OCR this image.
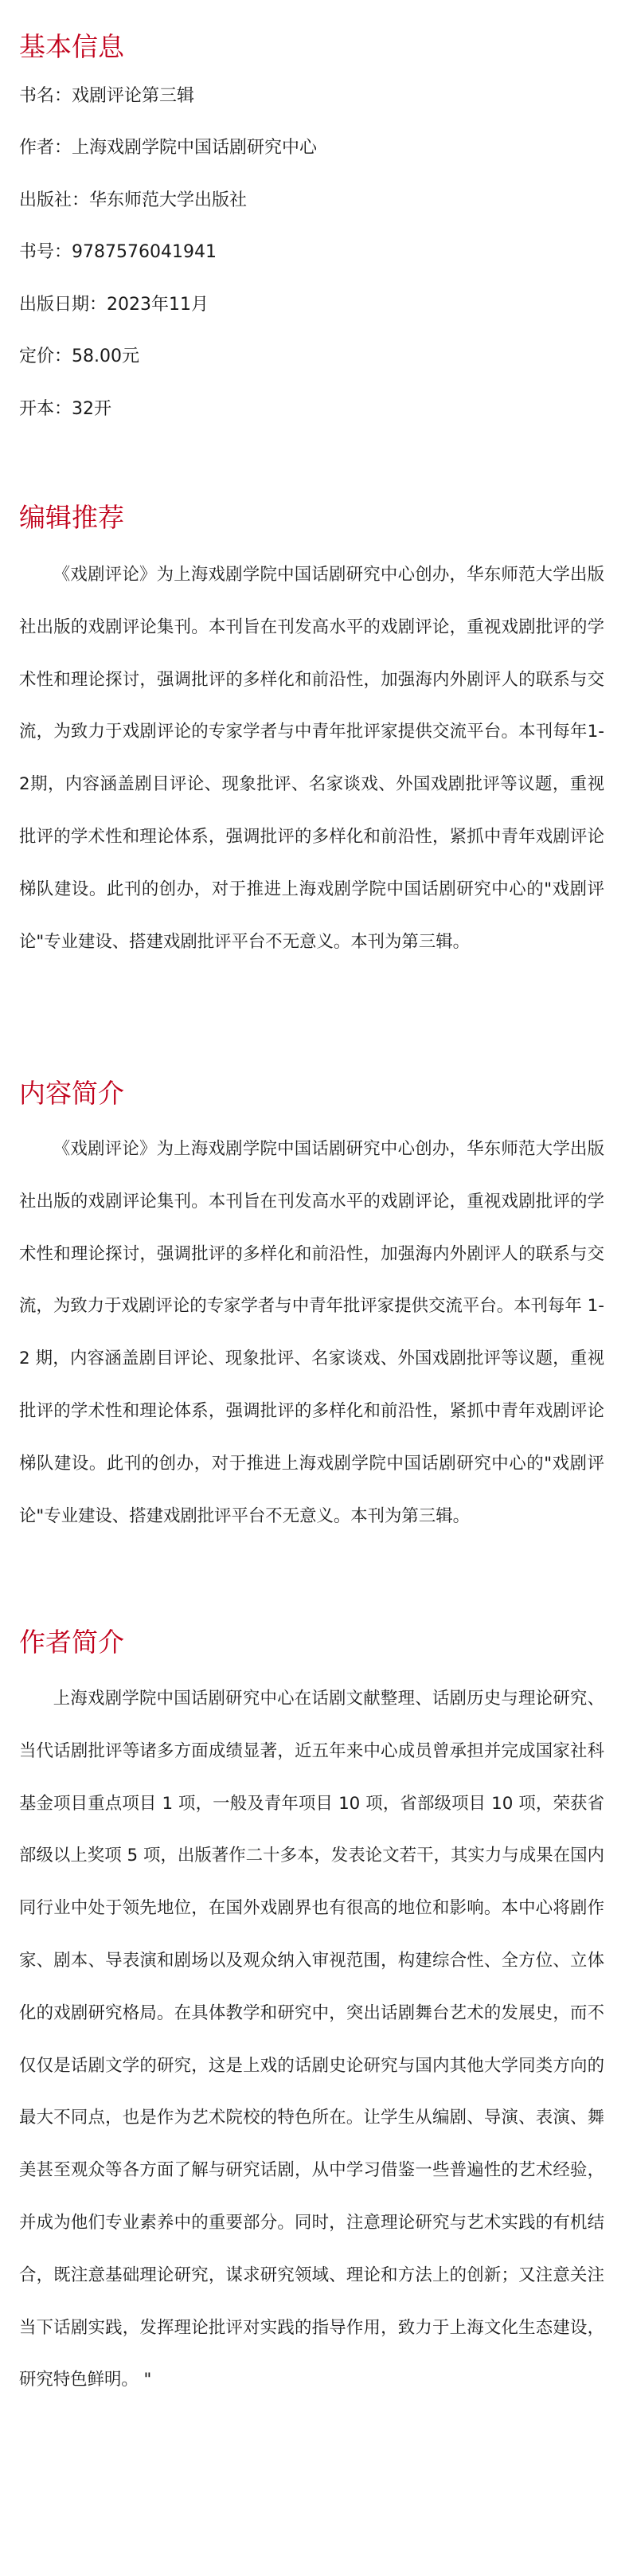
基本信息

书名：戏剧评论第三辑

作者：上海戏剧学院中国话剧研究中心

出版社：华东师范大学出版社

书号：9787576041941

出版日期：2023年11月

定价：58.00元

开本：32开

编辑推荐

《戏剧评论》为上海戏剧学院中国话剧研究中心创办，华东师范大学出版社出版的戏剧评论集刊。本刊旨在刊发高水平的戏剧评论，重视戏剧批评的学术性和理论探讨，强调批评的多样化和前沿性，加强海内外剧评人的联系与交流，为致力于戏剧评论的专家学者与中青年批评家提供交流平台。本刊每年1-2期，内容涵盖剧目评论、现象批评、名家谈戏、外国戏剧批评等议题，重视批评的学术性和理论体系，强调批评的多样化和前沿性，紧抓中青年戏剧评论梯队建设。此刊的创办，对于推进上海戏剧学院中国话剧研究中心的"戏剧评论"专业建设、搭建戏剧批评平台不无意义。本刊为第三辑。

内容简介

《戏剧评论》为上海戏剧学院中国话剧研究中心创办，华东师范大学出版社出版的戏剧评论集刊。本刊旨在刊发高水平的戏剧评论，重视戏剧批评的学术性和理论探讨，强调批评的多样化和前沿性，加强海内外剧评人的联系与交流，为致力于戏剧评论的专家学者与中青年批评家提供交流平台。本刊每年 1-2 期，内容涵盖剧目评论、现象批评、名家谈戏、外国戏剧批评等议题，重视批评的学术性和理论体系，强调批评的多样化和前沿性，紧抓中青年戏剧评论梯队建设。此刊的创办，对于推进上海戏剧学院中国话剧研究中心的"戏剧评论"专业建设、搭建戏剧批评平台不无意义。本刊为第三辑。

作者简介

上海戏剧学院中国话剧研究中心在话剧文献整理、话剧历史与理论研究、当代话剧批评等诸多方面成绩显著，近五年来中心成员曾承担并完成国家社科基金项目重点项目 1 项，一般及青年项目 10 项，省部级项目 10 项，荣获省部级以上奖项 5 项，出版著作二十多本，发表论文若干，其实力与成果在国内同行业中处于领先地位，在国外戏剧界也有很高的地位和影响。本中心将剧作家、剧本、导表演和剧场以及观众纳入审视范围，构建综合性、全方位、立体化的戏剧研究格局。在具体教学和研究中，突出话剧舞台艺术的发展史，而不仅仅是话剧文学的研究，这是上戏的话剧史论研究与国内其他大学同类方向的最大不同点，也是作为艺术院校的特色所在。让学生从编剧、导演、表演、舞美甚至观众等各方面了解与研究话剧，从中学习借鉴一些普遍性的艺术经验，并成为他们专业素养中的重要部分。同时，注意理论研究与艺术实践的有机结合，既注意基础理论研究，谋求研究领域、理论和方法上的创新；又注意关注当下话剧实践，发挥理论批评对实践的指导作用，致力于上海文化生态建设，研究特色鲜明。 "
